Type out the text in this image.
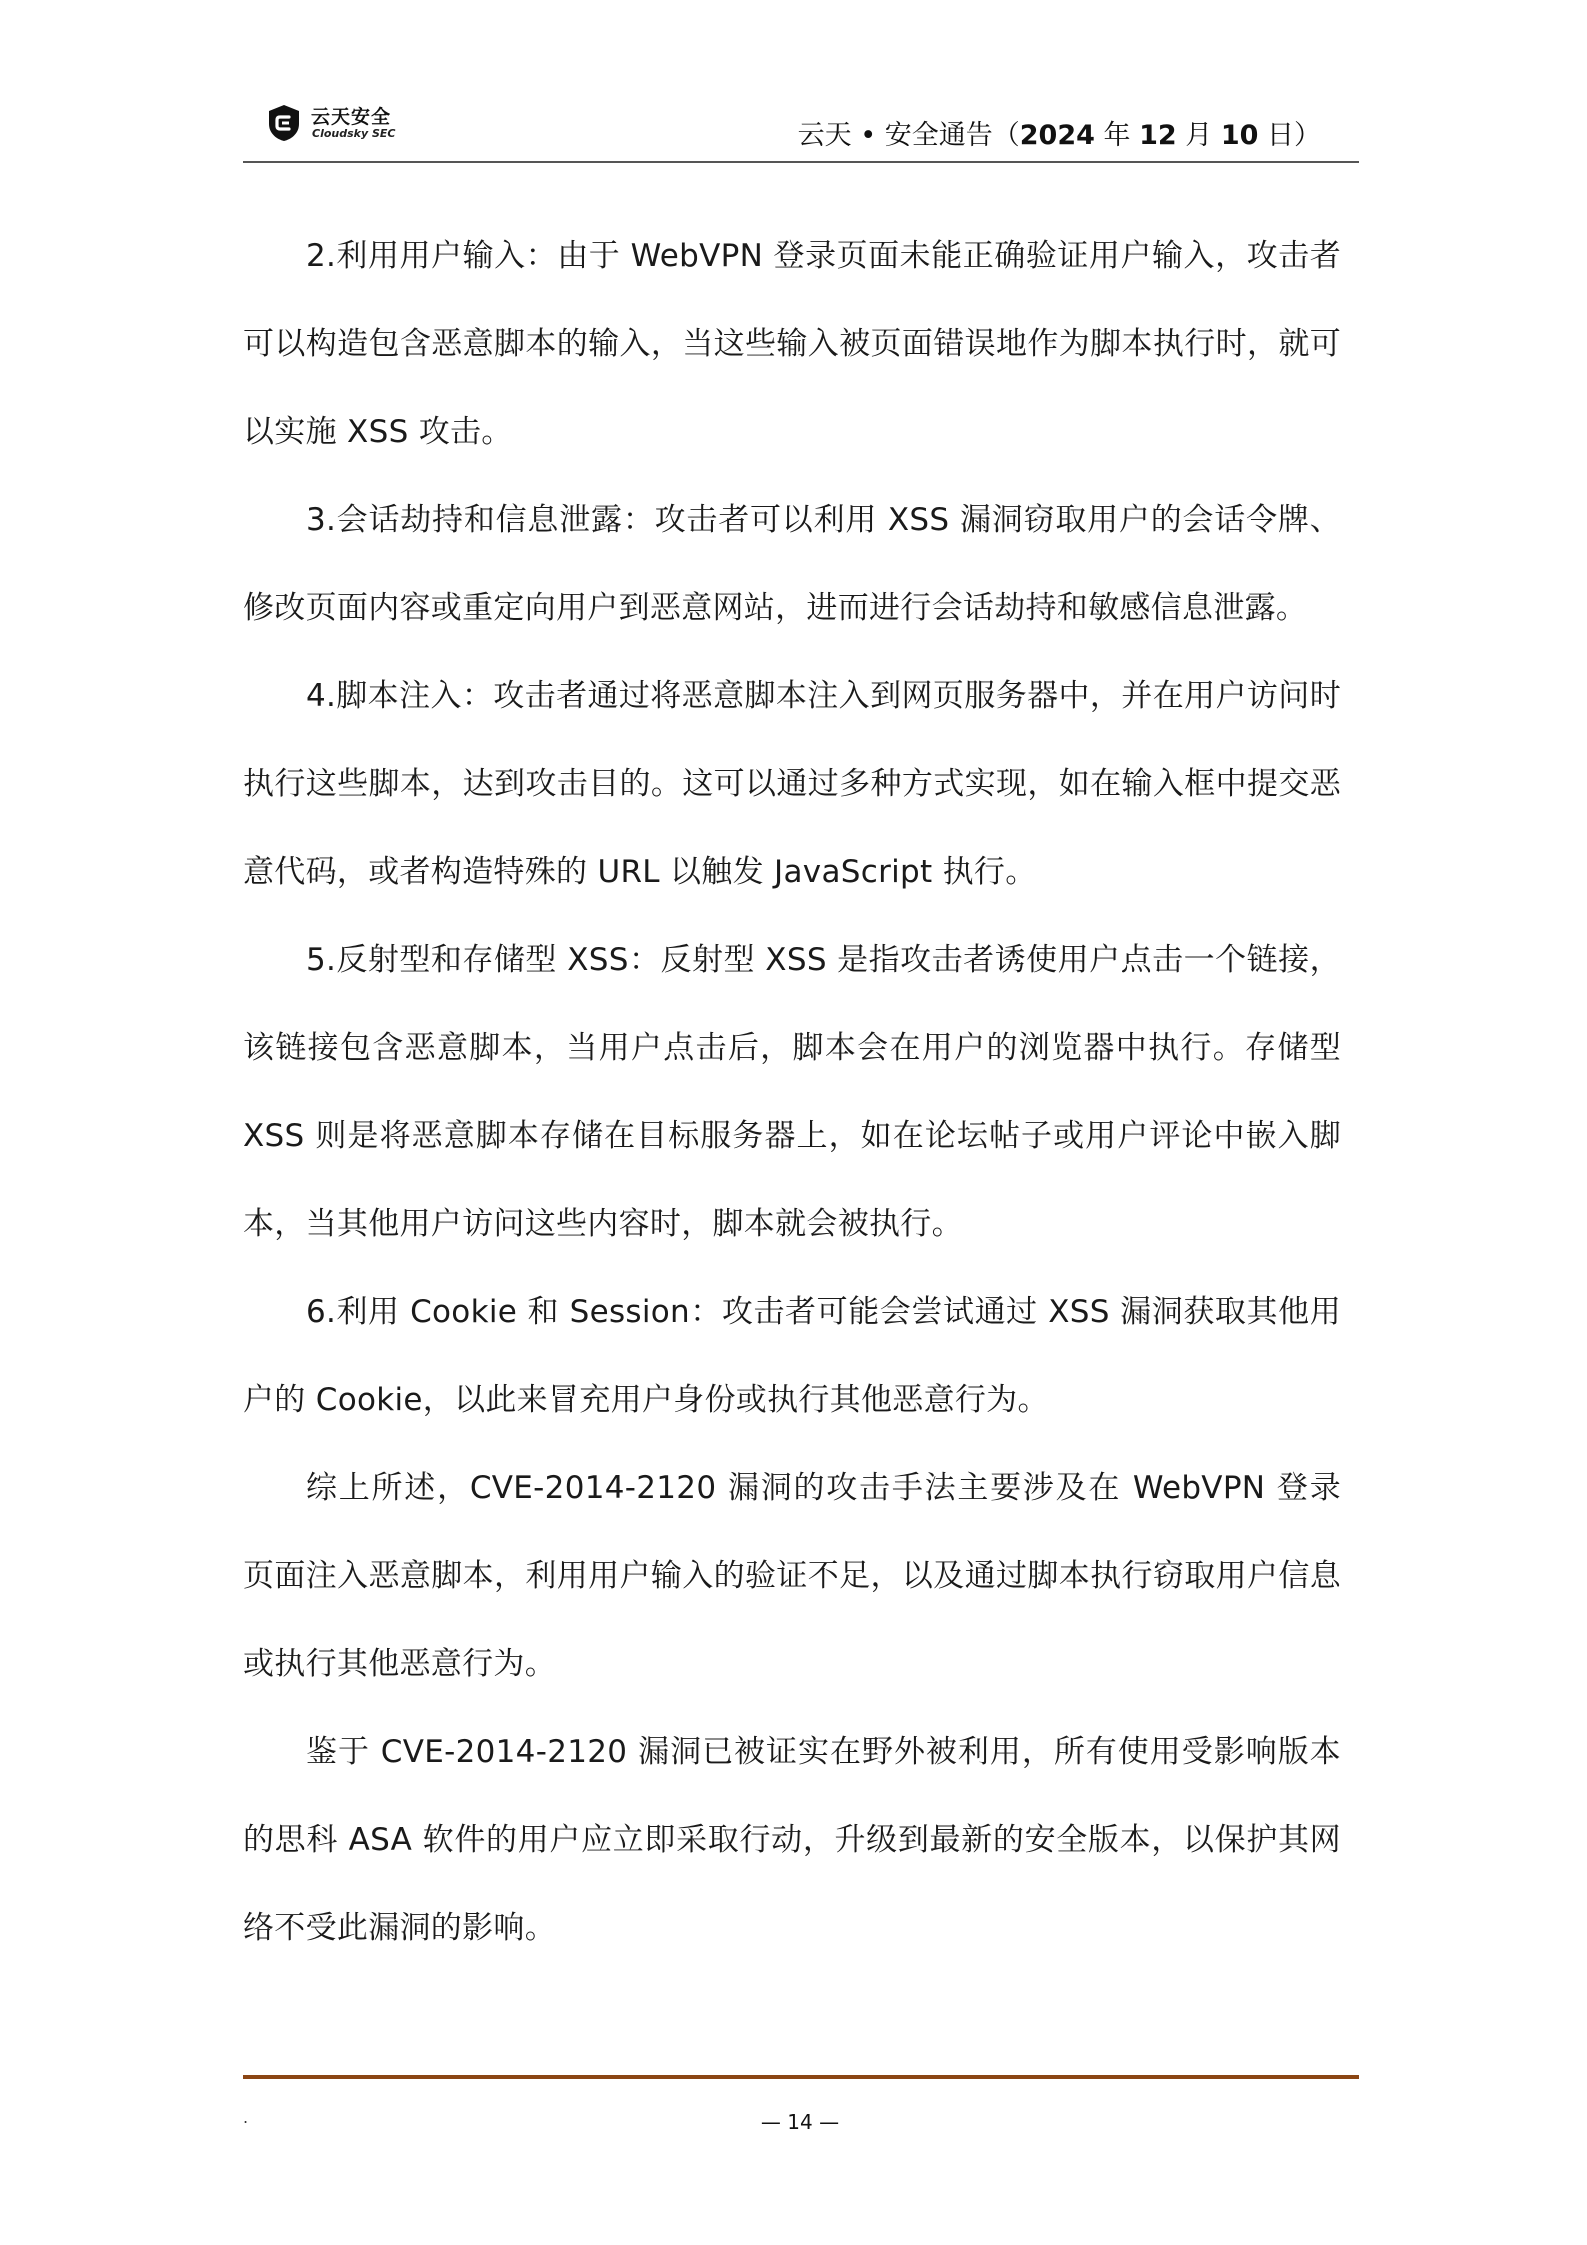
云天安全
Cloudsky SEC	云天 • 安全通告（2024 年 12 月 10 日）

2.利用用户输入：由于 WebVPN 登录页面未能正确验证用户输入，攻击者可以构造包含恶意脚本的输入，当这些输入被页面错误地作为脚本执行时，就可以实施 XSS 攻击。

3.会话劫持和信息泄露：攻击者可以利用 XSS 漏洞窃取用户的会话令牌、修改页面内容或重定向用户到恶意网站，进而进行会话劫持和敏感信息泄露。

4.脚本注入：攻击者通过将恶意脚本注入到网页服务器中，并在用户访问时执行这些脚本，达到攻击目的。这可以通过多种方式实现，如在输入框中提交恶意代码，或者构造特殊的 URL 以触发 JavaScript 执行。

5.反射型和存储型 XSS：反射型 XSS 是指攻击者诱使用户点击一个链接，该链接包含恶意脚本，当用户点击后，脚本会在用户的浏览器中执行。存储型 XSS 则是将恶意脚本存储在目标服务器上，如在论坛帖子或用户评论中嵌入脚本，当其他用户访问这些内容时，脚本就会被执行。

6.利用 Cookie 和 Session：攻击者可能会尝试通过 XSS 漏洞获取其他用户的 Cookie，以此来冒充用户身份或执行其他恶意行为。

综上所述，CVE-2014-2120 漏洞的攻击手法主要涉及在 WebVPN 登录页面注入恶意脚本，利用用户输入的验证不足，以及通过脚本执行窃取用户信息或执行其他恶意行为。

鉴于 CVE-2014-2120 漏洞已被证实在野外被利用，所有使用受影响版本的思科 ASA 软件的用户应立即采取行动，升级到最新的安全版本，以保护其网络不受此漏洞的影响。

.	— 14 —
